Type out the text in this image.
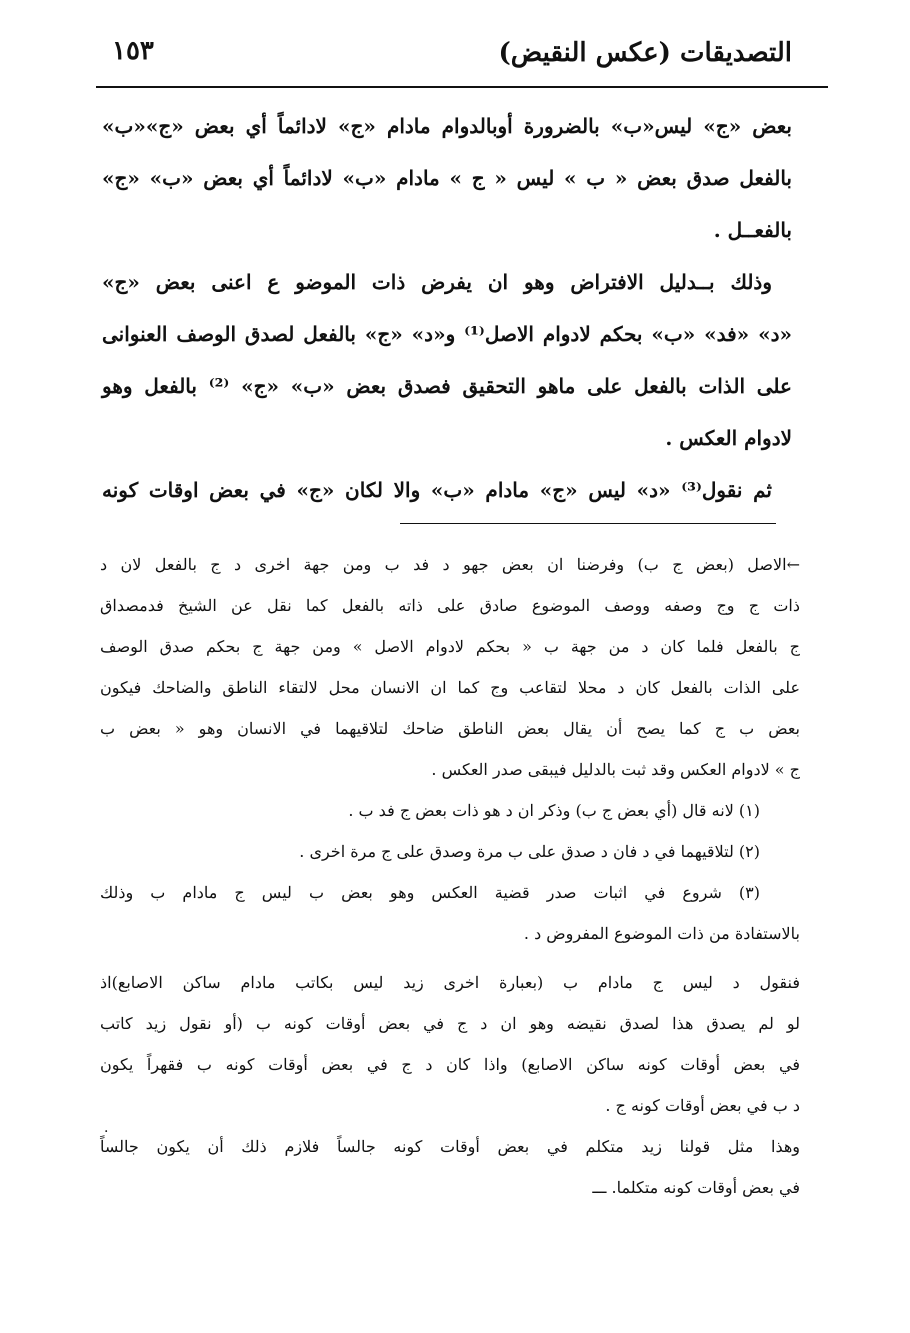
التصديقات (عكس النقيض)
١٥٣
بعض «ج» ليس«ب» بالضرورة أوبالدوام مادام «ج» لادائماً أي بعض «ج»«ب»
بالفعل صدق بعض « ب » ليس « ج » مادام «ب» لادائماً أي بعض «ب» «ج»
بالفعــل .
وذلك بــدليل الافتراض وهو ان يفرض ذات الموضو ع اعنى بعض «ج»
«د» «فد» «ب» بحكم لادوام الاصل⁽¹⁾ و«د» «ج» بالفعل لصدق الوصف العنوانى
على الذات بالفعل على ماهو التحقيق فصدق بعض «ب» «ج» ⁽²⁾ بالفعل وهو
لادوام العكس .
ثم نقول⁽³⁾ «د» ليس «ج» مادام «ب» والا لكان «ج» في بعض اوقات كونه
←الاصل (بعض ج ب) وفرضنا ان بعض جهو د فد ب ومن جهة اخرى د ج بالفعل لان د
ذات ج وج وصفه ووصف الموضوع صادق على ذاته بالفعل كما نقل عن الشيخ فدمصداق
ج بالفعل فلما كان د من جهة ب « بحكم لادوام الاصل » ومن جهة ج بحكم صدق الوصف
على الذات بالفعل كان د محلا لتقاعب وج كما ان الانسان محل لالتقاء الناطق والضاحك فيكون
بعض ب ج كما يصح أن يقال بعض الناطق ضاحك لتلاقيهما في الانسان وهو « بعض ب
ج » لادوام العكس وقد ثبت بالدليل فيبقى صدر العكس .
(١) لانه قال (أي بعض ج ب) وذكر ان د هو ذات بعض ج فد ب .
(٢) لتلاقيهما في د فان د صدق على ب مرة وصدق على ج مرة اخرى .
(٣) شروع في اثبات صدر قضية العكس وهو بعض ب ليس ج مادام ب وذلك
بالاستفادة من ذات الموضوع المفروض د .
فنقول د ليس ج مادام ب (بعبارة اخرى زيد ليس بكاتب مادام ساكن الاصابع)اذ
لو لم يصدق هذا لصدق نقيضه وهو ان د ج في بعض أوقات كونه ب (أو نقول زيد كاتب
في بعض أوقات كونه ساكن الاصابع) واذا كان د ج في بعض أوقات كونه ب فقهراً يكون
د ب في بعض أوقات كونه ج .
وهذا مثل قولنا زيد متكلم في بعض أوقات كونه جالساً فلازم ذلك أن يكون جالساً
في بعض أوقات كونه متكلما. ـــ
·
